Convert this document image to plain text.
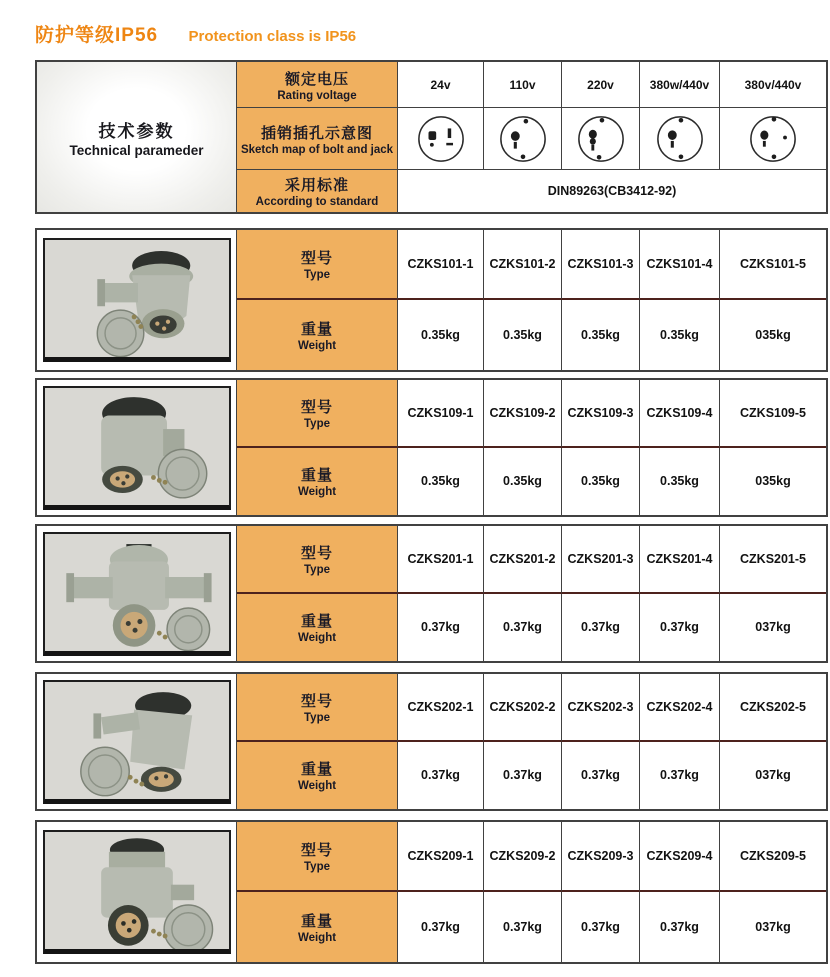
防护等级IP56 Protection class is IP56
技术参数
Technical parameder
额定电压
Rating voltage
24v	110v	220v	380w/440v	380v/440v
插销插孔示意图
Sketch map of bolt and jack
采用标准
According to standard
DIN89263(CB3412-92)
型号
Type
CZKS101-1	CZKS101-2 CZKS101-3	CZKS101-4	CZKS101-5
重量
Weight
0.35kg	0.35kg	0.35kg	0.35kg	035kg
型号
Type
CZKS109-1	CZKS109-2 CZKS109-3	CZKS109-4	CZKS109-5
重量
Weight
0.35kg	0.35kg	0.35kg	0.35kg	035kg
型号
Type
CZKS201-1	CZKS201-2 CZKS201-3	CZKS201-4	CZKS201-5
重量
Weight
0.37kg	0.37kg	0.37kg	0.37kg	037kg
型号
Type
CZKS202-1	CZKS202-2 CZKS202-3	CZKS202-4	CZKS202-5
重量
Weight
0.37kg	0.37kg	0.37kg	0.37kg	037kg
型号
Type
CZKS209-1	CZKS209-2 CZKS209-3	CZKS209-4	CZKS209-5
重量
Weight
0.37kg	0.37kg	0.37kg	0.37kg	037kg
